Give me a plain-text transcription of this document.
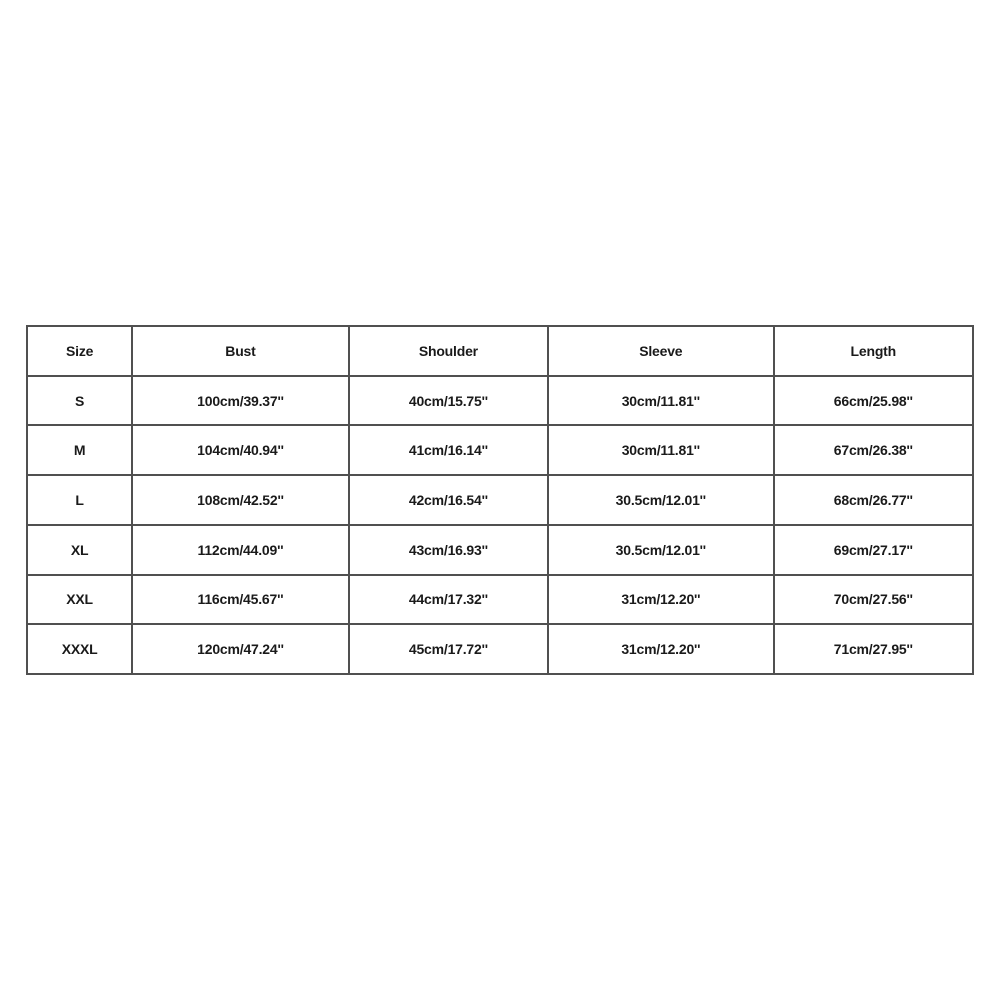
Size	Bust	Shoulder	Sleeve	Length
S	100cm/39.37''	40cm/15.75''	30cm/11.81''	66cm/25.98''
M	104cm/40.94''	41cm/16.14''	30cm/11.81''	67cm/26.38''
L	108cm/42.52''	42cm/16.54''	30.5cm/12.01''	68cm/26.77''
XL	112cm/44.09''	43cm/16.93''	30.5cm/12.01''	69cm/27.17''
XXL	116cm/45.67''	44cm/17.32''	31cm/12.20''	70cm/27.56''
XXXL	120cm/47.24''	45cm/17.72''	31cm/12.20''	71cm/27.95''
